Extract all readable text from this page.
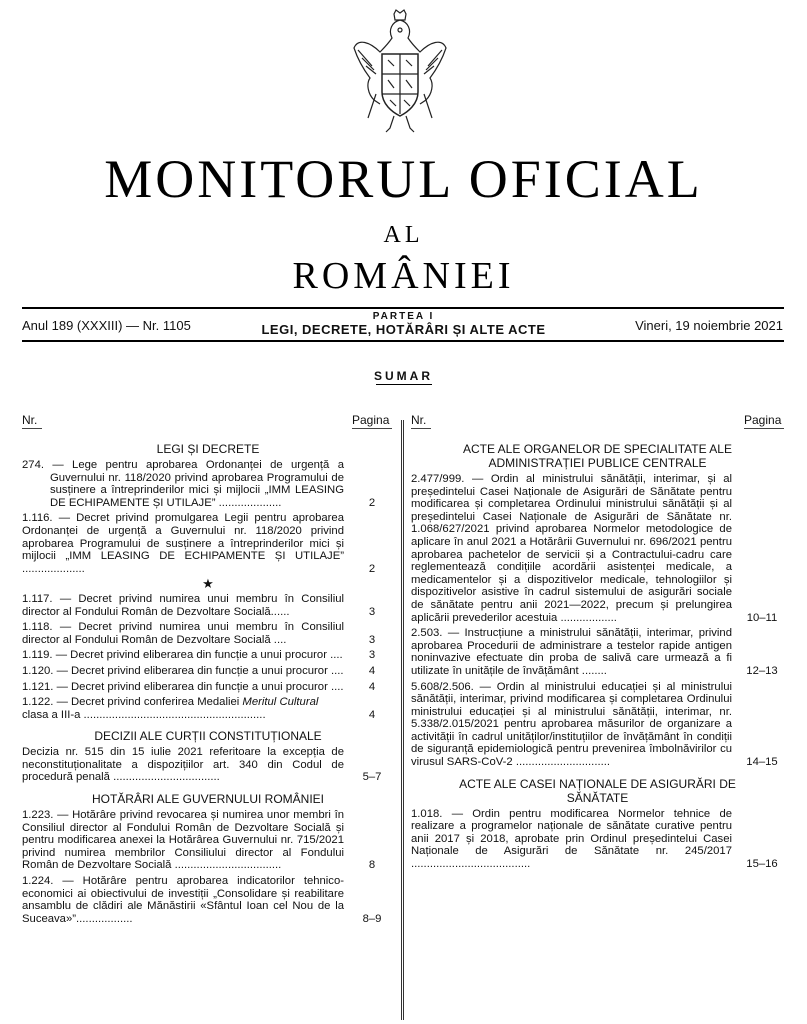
MONITORUL OFICIAL
AL
ROMÂNIEI
Anul 189 (XXXIII) — Nr. 1105
PARTEA I
LEGI, DECRETE, HOTĂRÂRI ȘI ALTE ACTE	Vineri, 19 noiembrie 2021
SUMAR
Nr.	Pagina Nr.	Pagina
LEGI ȘI DECRETE
274. — Lege pentru aprobarea Ordonanței de urgență a Guvernului nr. 118/2020 privind aprobarea Programului de susținere a întreprinderilor mici și mijlocii „IMM LEASING DE ECHIPAMENTE ȘI UTILAJE” ....................	2
1.116. — Decret privind promulgarea Legii pentru aprobarea Ordonanței de urgență a Guvernului nr. 118/2020 privind aprobarea Programului de susținere a întreprinderilor mici și mijlocii „IMM LEASING DE ECHIPAMENTE ȘI UTILAJE” ....................	2
★
1.117. — Decret privind numirea unui membru în Consiliul director al Fondului Român de Dezvoltare Socială......	3
1.118. — Decret privind numirea unui membru în Consiliul director al Fondului Român de Dezvoltare Socială ....	3
1.119. — Decret privind eliberarea din funcție a unui procuror ....	3
1.120. — Decret privind eliberarea din funcție a unui procuror ....	4
1.121. — Decret privind eliberarea din funcție a unui procuror ....	4
1.122. — Decret privind conferirea Medaliei Meritul Cultural
clasa a III-a ..........................................................	4
DECIZII ALE CURȚII CONSTITUȚIONALE
Decizia nr. 515 din 15 iulie 2021 referitoare la excepția de neconstituționalitate a dispozițiilor art. 340 din Codul de procedură penală ..................................	5–7
HOTĂRÂRI ALE GUVERNULUI ROMÂNIEI
1.223. — Hotărâre privind revocarea și numirea unor membri în Consiliul director al Fondului Român de Dezvoltare Socială și pentru modificarea anexei la Hotărârea Guvernului nr. 715/2021 privind numirea membrilor Consiliului director al Fondului Român de Dezvoltare Socială ..................................	8
1.224. — Hotărâre pentru aprobarea indicatorilor tehnico-economici ai obiectivului de investiții „Consolidare și reabilitare ansamblu de clădiri ale Mănăstirii «Sfântul Ioan cel Nou de la Suceava»”..................	8–9
ACTE ALE ORGANELOR DE SPECIALITATE ALE ADMINISTRAȚIEI PUBLICE CENTRALE
2.477/999. — Ordin al ministrului sănătății, interimar, și al președintelui Casei Naționale de Asigurări de Sănătate pentru modificarea și completarea Ordinului ministrului sănătății și al președintelui Casei Naționale de Asigurări de Sănătate nr. 1.068/627/2021 privind aprobarea Normelor metodologice de aplicare în anul 2021 a Hotărârii Guvernului nr. 696/2021 pentru aprobarea pachetelor de servicii și a Contractului-cadru care reglementează condițiile acordării asistenței medicale, a medicamentelor și a dispozitivelor medicale, tehnologiilor și dispozitivelor asistive în cadrul sistemului de asigurări sociale de sănătate pentru anii 2021—2022, precum și prelungirea aplicării prevederilor acestuia ..................	10–11
2.503. — Instrucțiune a ministrului sănătății, interimar, privind aprobarea Procedurii de administrare a testelor rapide antigen noninvazive efectuate din proba de salivă care urmează a fi utilizate în unitățile de învățământ ........	12–13
5.608/2.506. — Ordin al ministrului educației și al ministrului sănătății, interimar, privind modificarea și completarea Ordinului ministrului educației și al ministrului sănătății, interimar, nr. 5.338/2.015/2021 pentru aprobarea măsurilor de organizare a activității în cadrul unităților/instituțiilor de învățământ în condiții de siguranță epidemiologică pentru prevenirea îmbolnăvirilor cu virusul SARS-CoV-2 ..............................	14–15
ACTE ALE CASEI NAȚIONALE DE ASIGURĂRI DE SĂNĂTATE
1.018. — Ordin pentru modificarea Normelor tehnice de realizare a programelor naționale de sănătate curative pentru anii 2017 și 2018, aprobate prin Ordinul președintelui Casei Naționale de Asigurări de Sănătate nr. 245/2017 ......................................	15–16
